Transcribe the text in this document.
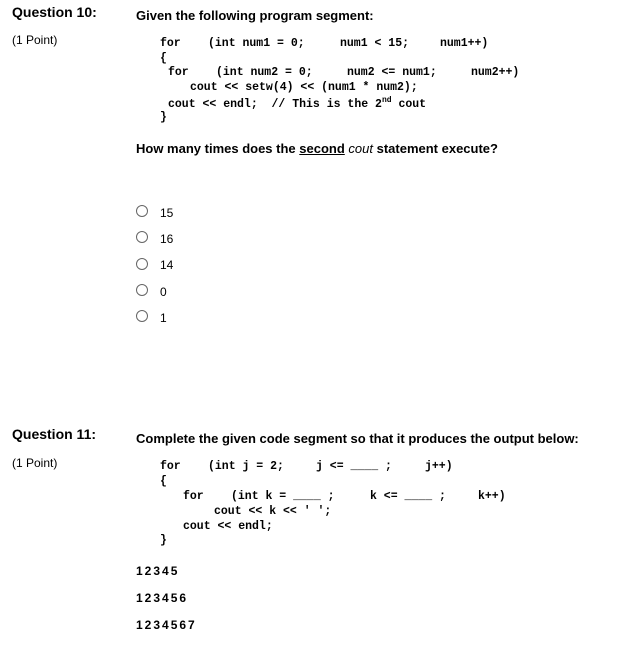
Question 10:
(1 Point)
Given the following program segment:
for (int num1 = 0;	num1 < 15;	num1++)
{
for (int num2 = 0;	num2 <= num1;	num2++)
cout << setw(4) << (num1 * num2);
cout << endl;  // This is the 2nd cout
}
How many times does the second cout statement execute?
15
16
14
0
1
Question 11:
(1 Point)
Complete the given code segment so that it produces the output below:
for (int j = 2;	j <= ____ ;	j++)
{
for (int k = ____ ;	k <= ____ ;	k++)
cout << k << ' ';
cout << endl;
}
12345
123456
1234567
